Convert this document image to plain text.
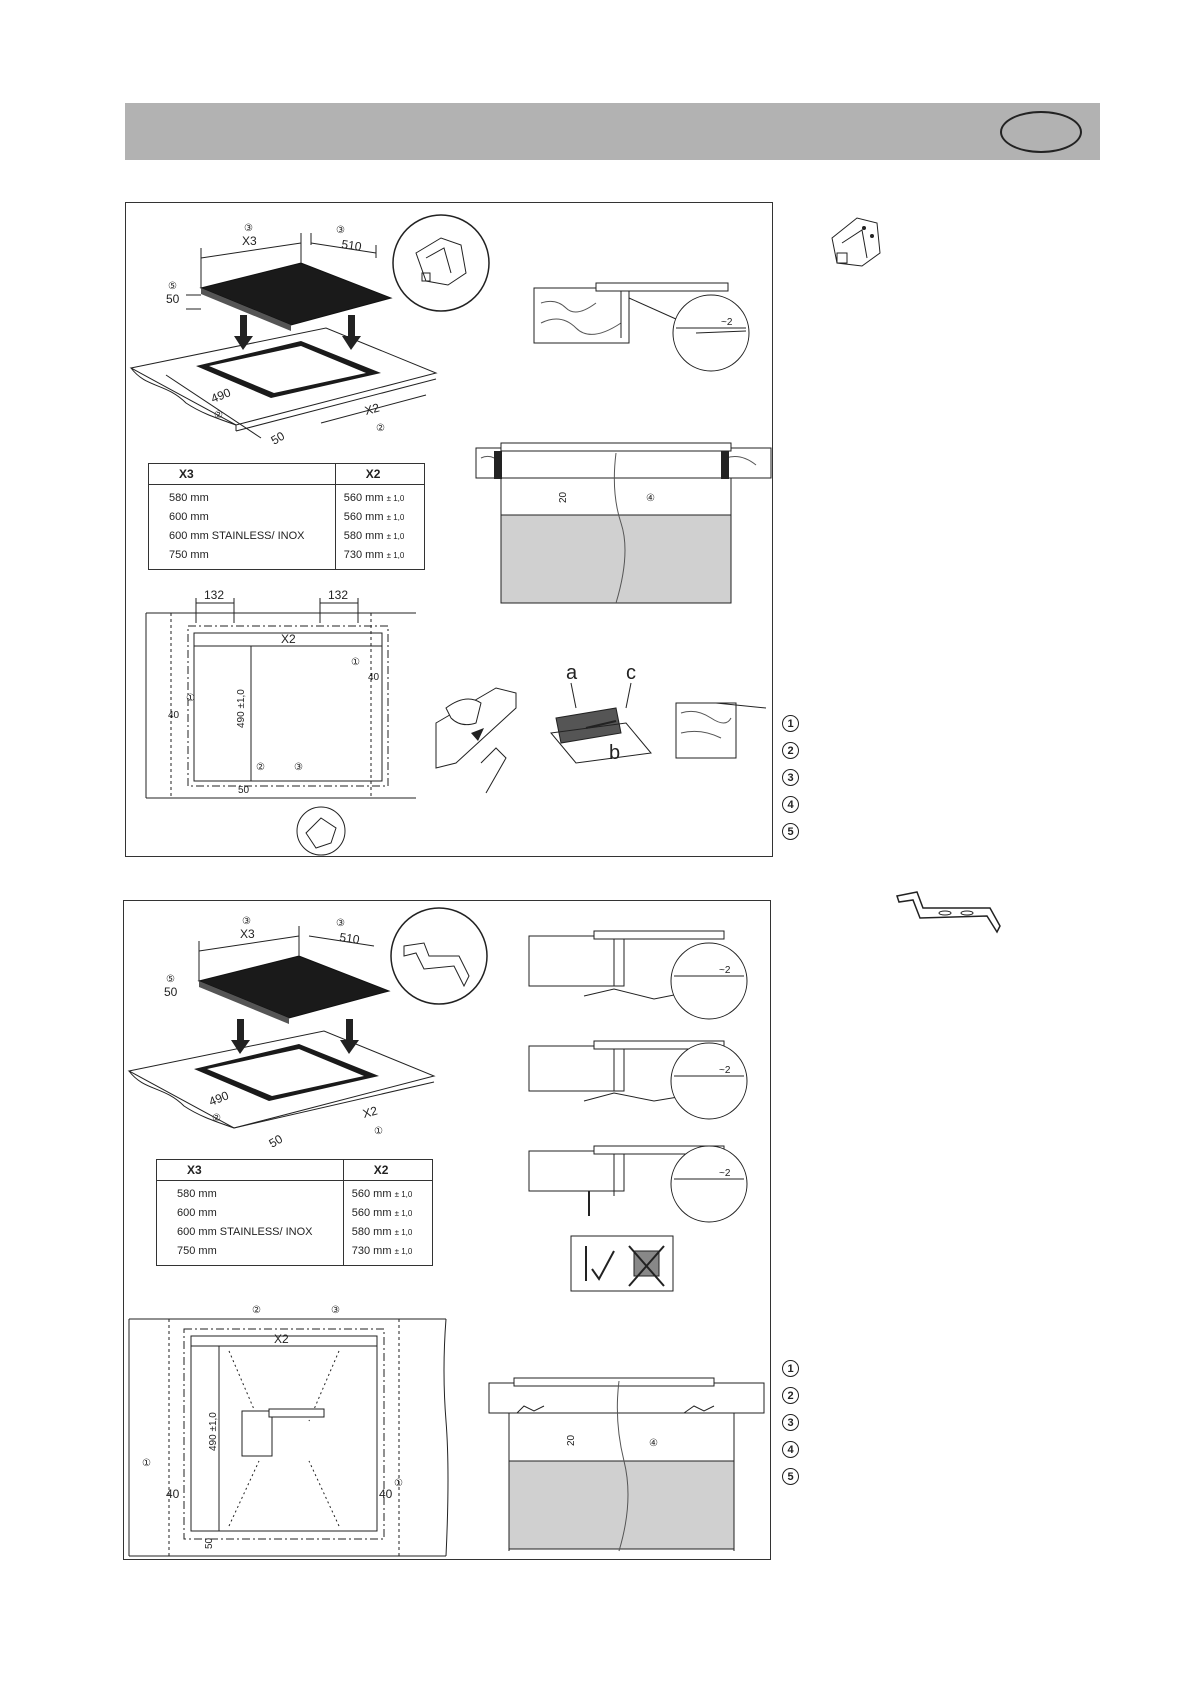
③
X3
③
510
⑤
50
490
②	X2
②
50
~2
20	④
132	132
X2
490 ±1,0
40
①
40
①
②	③
50
a c
b
X3	X2
580 mm	560 mm ± 1,0
600 mm	560 mm ± 1,0
600 mm STAINLESS/ INOX	580 mm ± 1,0
750 mm	730 mm ± 1,0
1
2
3
4
5
③
X3
③
510
⑤
50
490
②	X2
①
50
~2
~2
~2
X2
②	③
490 ±1,0
40
①
40
①
50
20	④
X3	X2
580 mm	560 mm ± 1,0
600 mm	560 mm ± 1,0
600 mm STAINLESS/ INOX	580 mm ± 1,0
750 mm	730 mm ± 1,0
1
2
3
4
5
